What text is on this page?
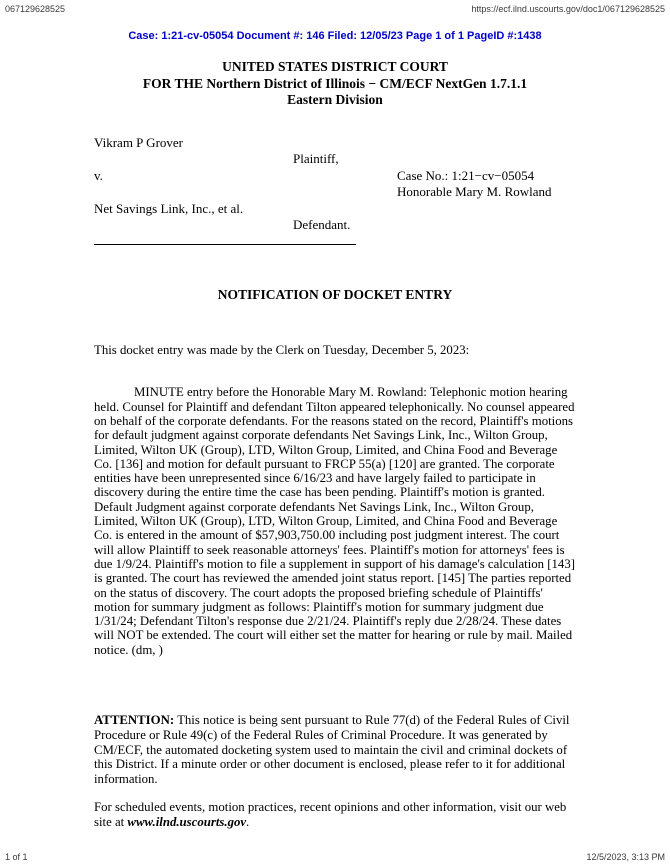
067129628525	https://ecf.ilnd.uscourts.gov/doc1/067129628525
Case: 1:21-cv-05054 Document #: 146 Filed: 12/05/23 Page 1 of 1 PageID #:1438
UNITED STATES DISTRICT COURT
FOR THE Northern District of Illinois − CM/ECF NextGen 1.7.1.1
Eastern Division
Vikram P Grover
Plaintiff,
v.

Net Savings Link, Inc., et al.
Defendant.
Case No.: 1:21−cv−05054
Honorable Mary M. Rowland
NOTIFICATION OF DOCKET ENTRY

This docket entry was made by the Clerk on Tuesday, December 5, 2023:

MINUTE entry before the Honorable Mary M. Rowland: Telephonic motion hearing held. Counsel for Plaintiff and defendant Tilton appeared telephonically. No counsel appeared on behalf of the corporate defendants. For the reasons stated on the record, Plaintiff's motions for default judgment against corporate defendants Net Savings Link, Inc., Wilton Group, Limited, Wilton UK (Group), LTD, Wilton Group, Limited, and China Food and Beverage Co. [136] and motion for default pursuant to FRCP 55(a) [120] are granted. The corporate entities have been unrepresented since 6/16/23 and have largely failed to participate in discovery during the entire time the case has been pending. Plaintiff's motion is granted. Default Judgment against corporate defendants Net Savings Link, Inc., Wilton Group, Limited, Wilton UK (Group), LTD, Wilton Group, Limited, and China Food and Beverage Co. is entered in the amount of $57,903,750.00 including post judgment interest. The court will allow Plaintiff to seek reasonable attorneys' fees. Plaintiff's motion for attorneys' fees is due 1/9/24. Plaintiff's motion to file a supplement in support of his damage's calculation [143] is granted. The court has reviewed the amended joint status report. [145] The parties reported on the status of discovery. The court adopts the proposed briefing schedule of Plaintiffs' motion for summary judgment as follows: Plaintiff's motion for summary judgment due 1/31/24; Defendant Tilton's response due 2/21/24. Plaintiff's reply due 2/28/24. These dates will NOT be extended. The court will either set the matter for hearing or rule by mail. Mailed notice. (dm, )

ATTENTION: This notice is being sent pursuant to Rule 77(d) of the Federal Rules of Civil Procedure or Rule 49(c) of the Federal Rules of Criminal Procedure. It was generated by CM/ECF, the automated docketing system used to maintain the civil and criminal dockets of this District. If a minute order or other document is enclosed, please refer to it for additional information.

For scheduled events, motion practices, recent opinions and other information, visit our web site at www.ilnd.uscourts.gov.

1 of 1	12/5/2023, 3:13 PM
